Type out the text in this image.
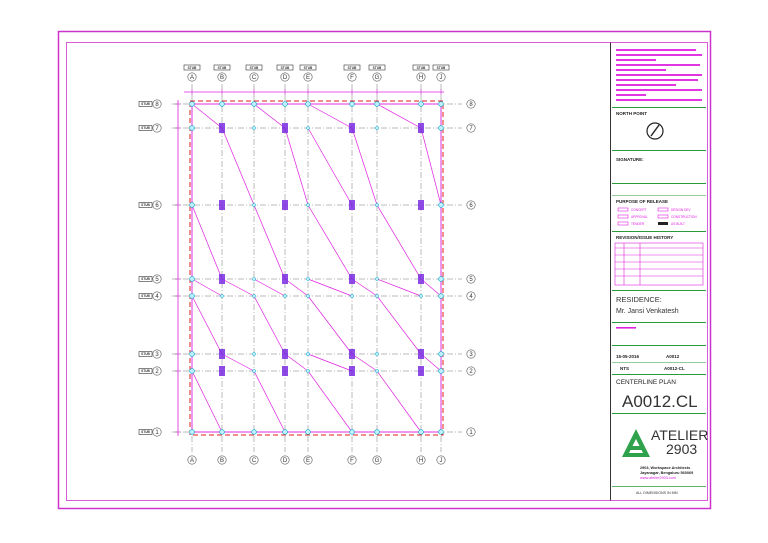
A
A
STUB
B
B
STUB
C
C
STUB
D
D
STUB
E
E
STUB
F
F
STUB
G
G
STUB
H
H
STUB
J
J
STUB
8	8
STUB
7	7
STUB
6	6
STUB
5	5
STUB
4	4
STUB
3	3
STUB
2	2
STUB
1	1
STUB
NORTH POINT
SIGNATURE:
PURPOSE OF RELEASE
CONCEPT	DESIGN DEV
APPROVAL	CONSTRUCTION
TENDER	AS BUILT
REVISION/ISSUE HISTORY
RESIDENCE:
Mr. Jansi Venkatesh
15-05-2016	A0012
NTS	A0012-CL
CENTERLINE PLAN
A0012.CL
ATELIER
2903
2903, Workspace Architects
Jayanagar, Bengaluru 560069
www.atelier2903.com
ALL DIMENSIONS IN MM
